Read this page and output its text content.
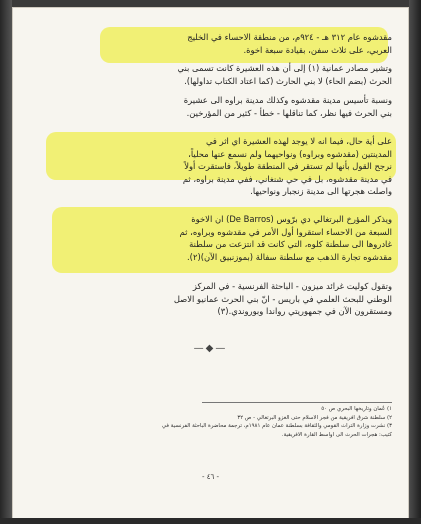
مقدشوه عام ٣١٢ هـ - ٩٢٤م، من منطقة الاحساء في الخليج
العربي، على ثلاث سفن، بقيادة سبعة اخوة.
وتشير مصادر عمانية (١) إلى أن هذه العشيرة كانت تسمى بني
الحرث (بضم الحاء) لا بني الحارث (كما اعتاد الكتاب تداولها).
ونسبة تأسيس مدينة مقدشوه وكذلك مدينة براوه الى عشيرة
بني الحرث فيها نظر، كما تناقلها - خطأ - كثير من المؤرخين.
على أية حال، فيما انه لا يوجد لهذه العشيرة اي اثر في
المدينتين (مقدشوه وبراوه) ونواحيهما ولم نسمع عنها محلياً،
نرجح القول بأنها لم تستقر في المنطقة طويلاً، فاستقرت أولاً
في مدينة مقدشوه، بل في حي شنغاني، ففي مدينة براوه، ثم
واصلت هجرتها الى مدينة زنجبار ونواحيها.
ويذكر المؤرخ البرتغالي دي برّوس (De Barros) ان الاخوة
السبعة من الاحساء استقروا أول الأمر في مقدشوه وبراوه، ثم
غادروها الى سلطنة كلوه، التي كانت قد انتزعت من سلطنة
مقدشوه تجارة الذهب مع سلطنة سفالة (بموزنبيق الآن)(٢).
وتقول كوليت غرائد ميزون - الباحثة الفرنسية - في المركز
الوطني للبحث العلمي في باريس - انّ بني الحرث عمانيو الاصل
ومستقرون الآن في جمهوريتي رواندا وبوروندي.(٣)
—◆—
١) عُمان وتاريخها البحري ص ٥٠
٢) سلطنة شرق افريقية من فجر الاسلام حتى الغزو البرتغالي - ص ٣٢
٣) نشرت وزارة التراث القومي والثقافة بسلطنة عمان عام ١٩٨١م، ترجمة محاضرة الباحثة الفرنسية في
كتيب: هجرات الحرث الى اواسط القارة الافريقية.
- ٤٦ -
